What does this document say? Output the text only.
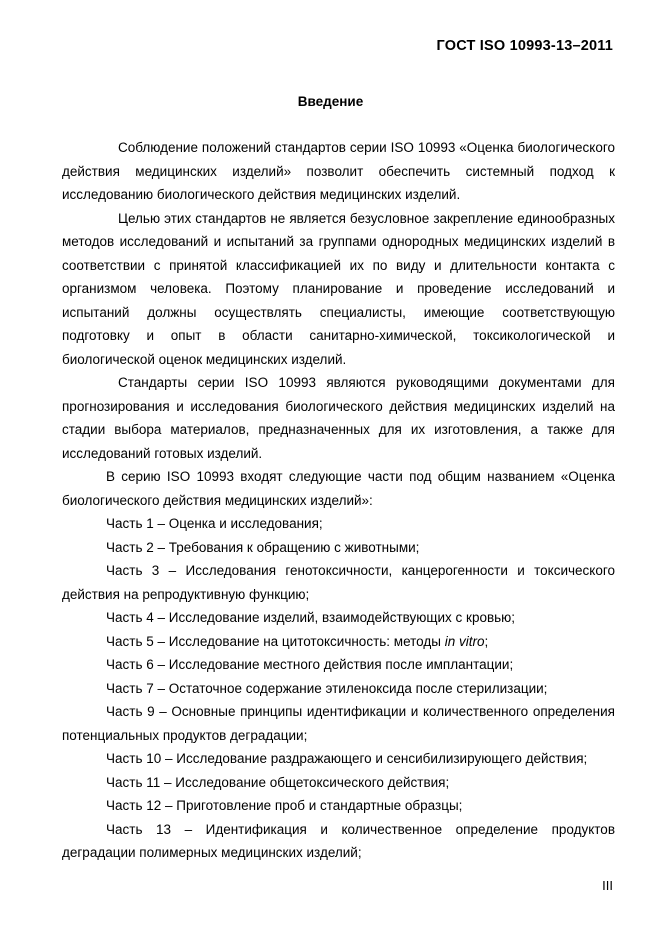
ГОСТ ISO 10993-13–2011
Введение

Соблюдение положений стандартов серии ISO 10993 «Оценка биологического действия медицинских изделий» позволит обеспечить системный подход к исследованию биологического действия медицинских изделий.

Целью этих стандартов не является безусловное закрепление единообразных методов исследований и испытаний за группами однородных медицинских изделий в соответствии с принятой классификацией их по виду и длительности контакта с организмом человека. Поэтому планирование и проведение исследований и испытаний должны осуществлять специалисты, имеющие соответствующую подготовку и опыт в области санитарно-химической, токсикологической и биологической оценок медицинских изделий.

Стандарты серии ISO 10993 являются руководящими документами для прогнозирования и исследования биологического действия медицинских изделий на стадии выбора материалов, предназначенных для их изготовления, а также для исследований готовых изделий.

В серию ISO 10993 входят следующие части под общим названием «Оценка биологического действия медицинских изделий»:

Часть 1 – Оценка и исследования;

Часть 2 – Требования к обращению с животными;

Часть 3 – Исследования генотоксичности, канцерогенности и токсического действия на репродуктивную функцию;

Часть 4 – Исследование изделий, взаимодействующих с кровью;

Часть 5 – Исследование на цитотоксичность: методы in vitro;

Часть 6 – Исследование местного действия после имплантации;

Часть 7 – Остаточное содержание этиленоксида после стерилизации;

Часть 9 – Основные принципы идентификации и количественного определения потенциальных продуктов деградации;

Часть 10 – Исследование раздражающего и сенсибилизирующего действия;

Часть 11 – Исследование общетоксического действия;

Часть 12 – Приготовление проб и стандартные образцы;

Часть 13 – Идентификация и количественное определение продуктов деградации полимерных медицинских изделий;

III
